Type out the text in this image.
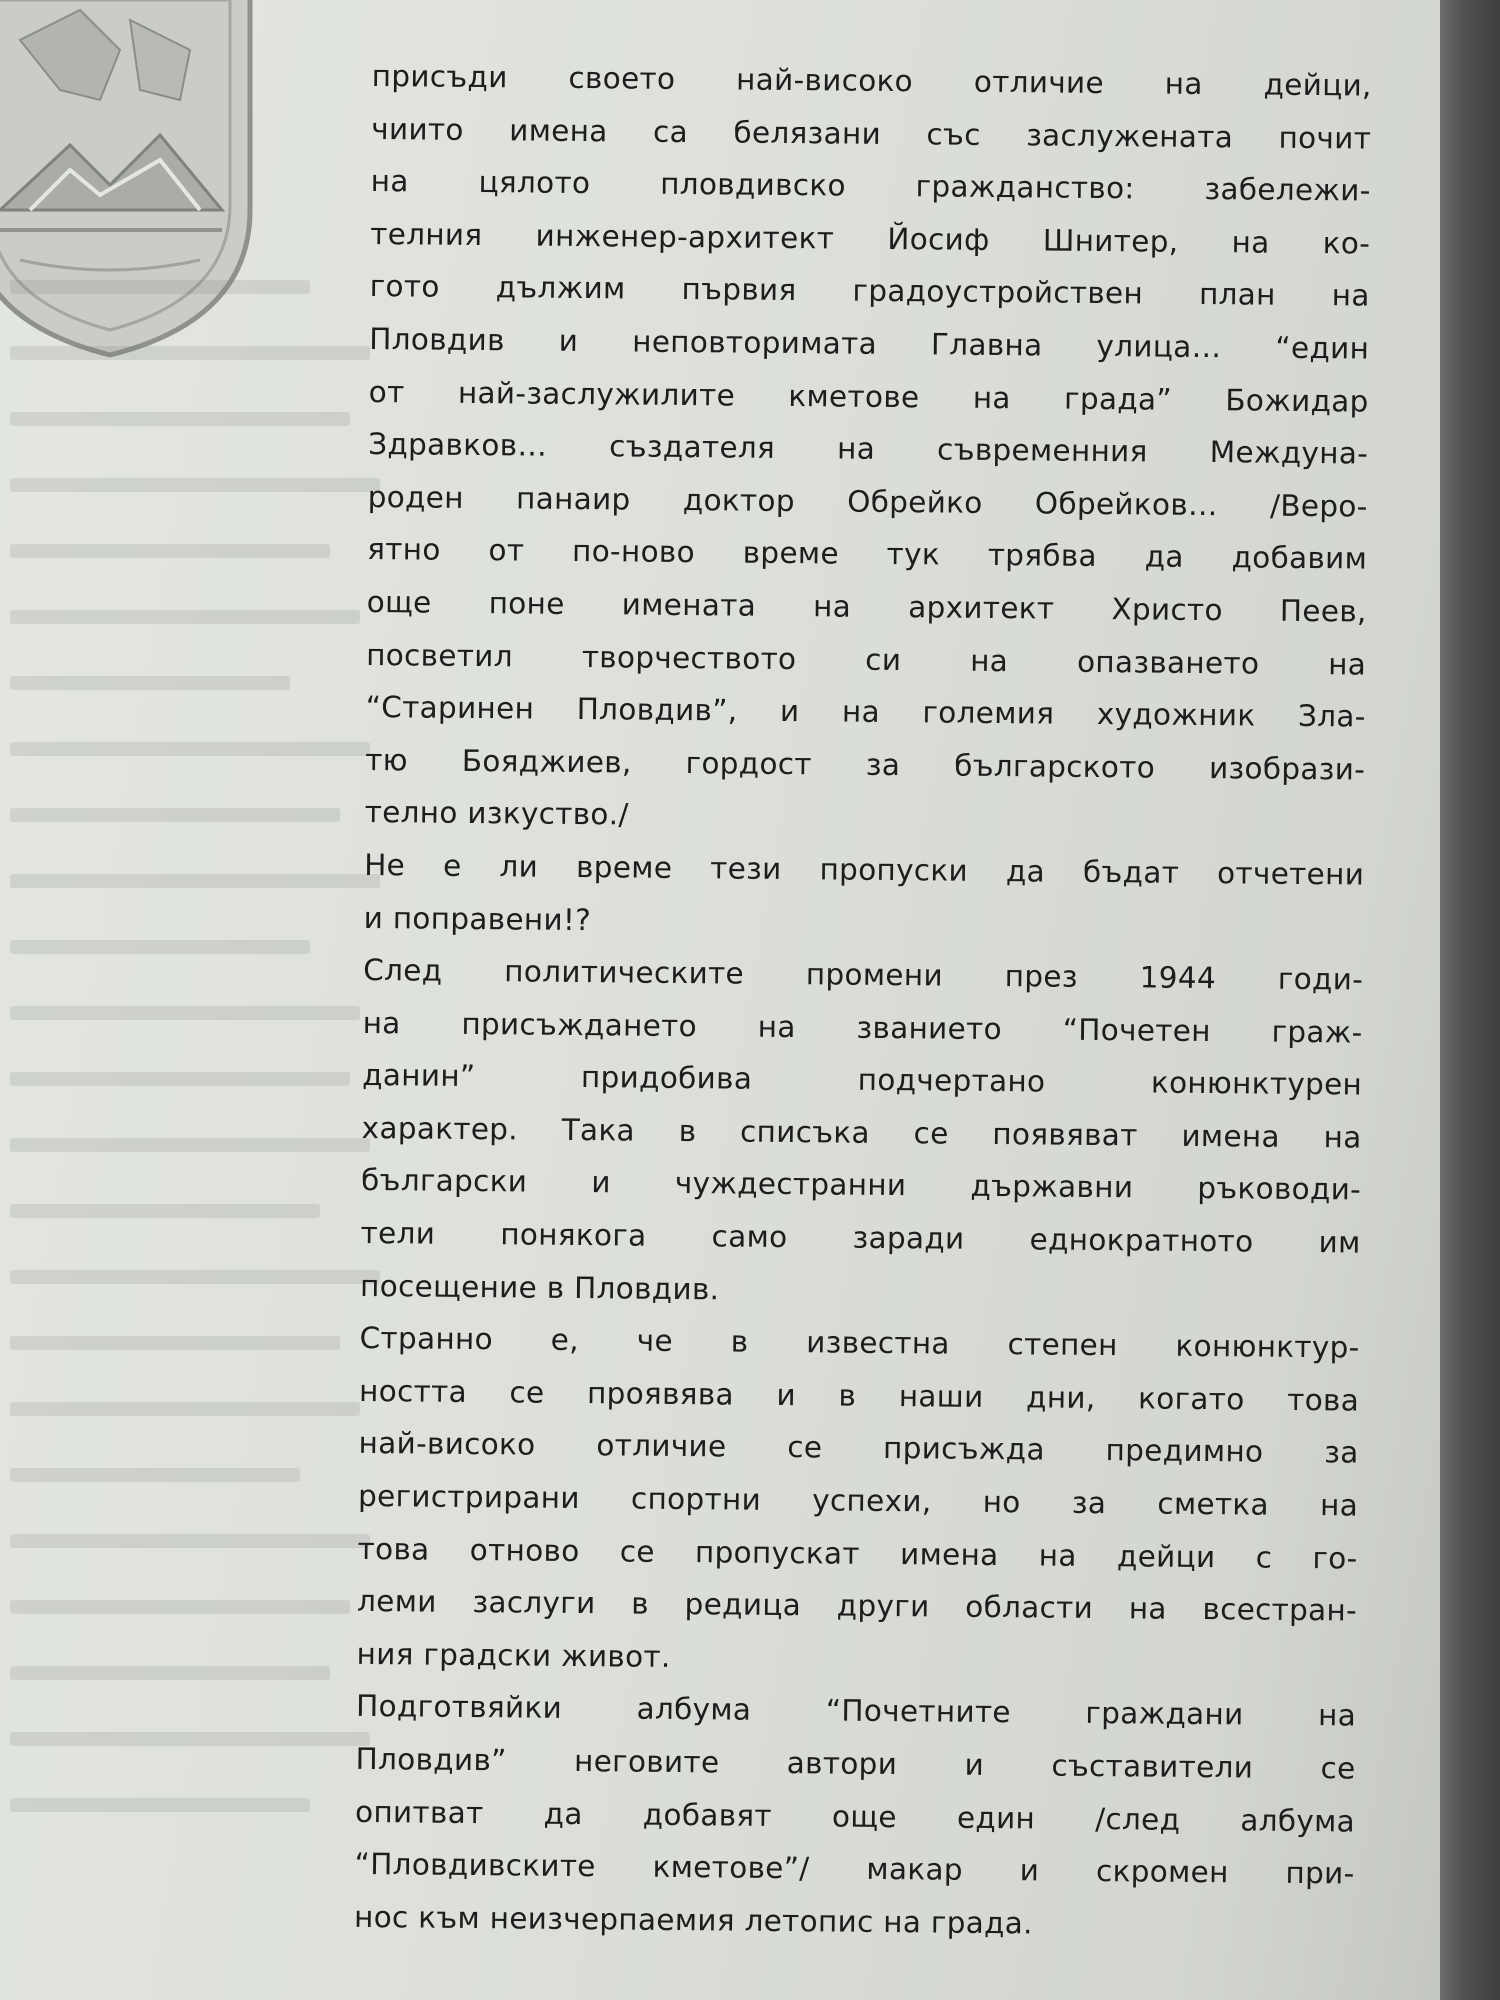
присъди своето най-високо отличие на дейци,
чиито имена са белязани със заслужената почит
на цялото пловдивско гражданство: забележи-
телния инженер-архитект Йосиф Шнитер, на ко-
гото дължим първия градоустройствен план на
Пловдив и неповторимата Главна улица… “един
от най-заслужилите кметове на града” Божидар
Здравков… създателя на съвременния Междуна-
роден панаир доктор Обрейко Обрейков… /Веро-
ятно от по-ново време тук трябва да добавим
още поне имената на архитект Христо Пеев,
посветил творчеството си на опазването на
“Старинен Пловдив”, и на големия художник Зла-
тю Бояджиев, гордост за българското изобрази-
телно изкуство./
Не е ли време тези пропуски да бъдат отчетени
и поправени!?
След политическите промени през 1944 годи-
на присъждането на званието “Почетен граж-
данин” придобива подчертано конюнктурен
характер. Така в списъка се появяват имена на
български и чуждестранни държавни ръководи-
тели понякога само заради еднократното им
посещение в Пловдив.
Странно е, че в известна степен конюнктур-
ността се проявява и в наши дни, когато това
най-високо отличие се присъжда предимно за
регистрирани спортни успехи, но за сметка на
това отново се пропускат имена на дейци с го-
леми заслуги в редица други области на всестран-
ния градски живот.
Подготвяйки албума “Почетните граждани на
Пловдив” неговите автори и съставители се
опитват да добавят още един /след албума
“Пловдивските кметове”/ макар и скромен при-
нос към неизчерпаемия летопис на града.
